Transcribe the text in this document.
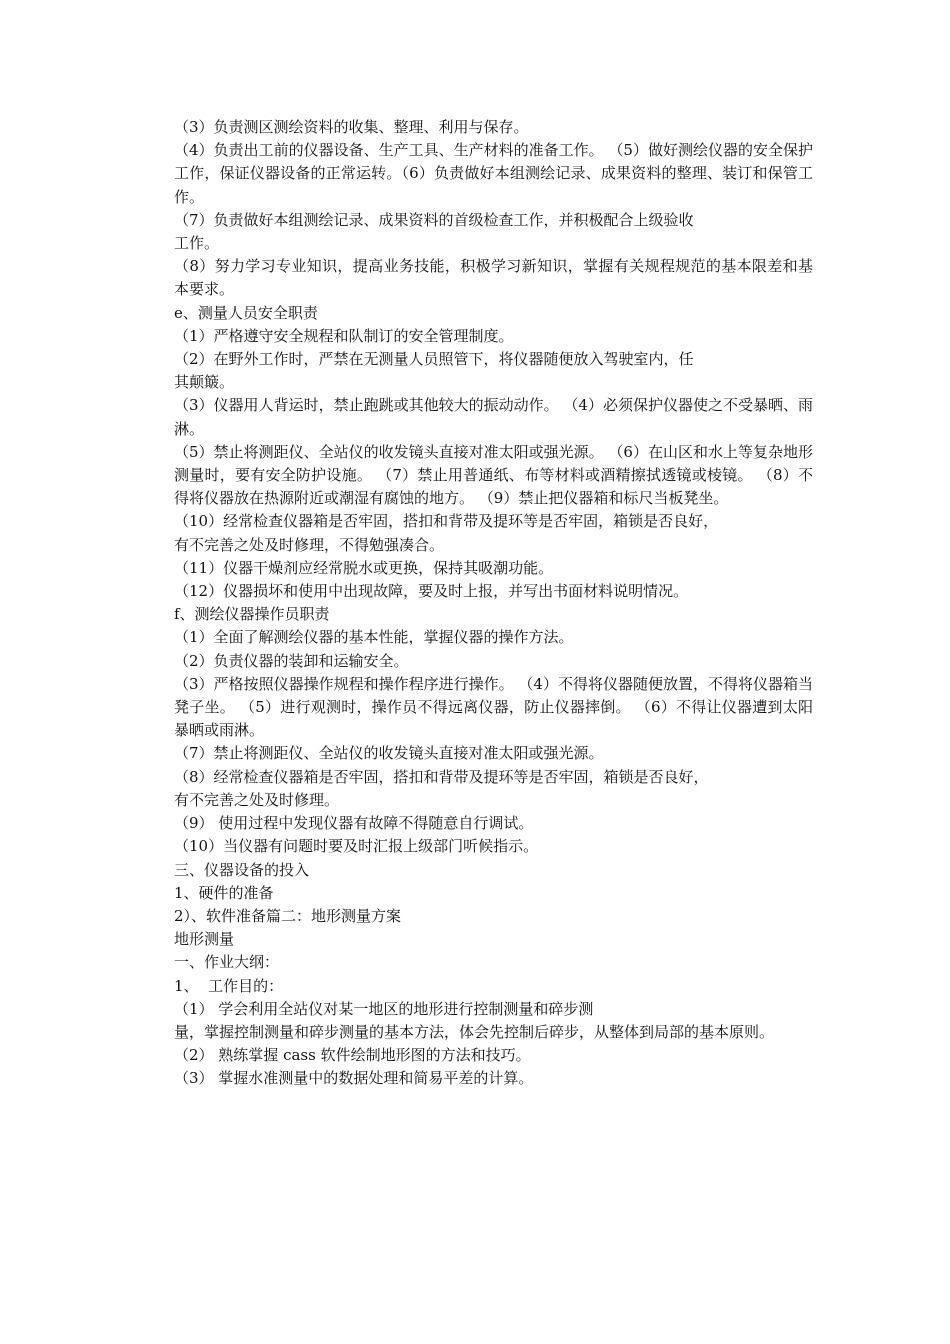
（3）负责测区测绘资料的收集、整理、利用与保存。

（4）负责出工前的仪器设备、生产工具、生产材料的准备工作。 （5）做好测绘仪器的安全保护工作，保证仪器设备的正常运转。（6）负责做好本组测绘记录、成果资料的整理、装订和保管工作。

（7）负责做好本组测绘记录、成果资料的首级检查工作，并积极配合上级验收

工作。

（8）努力学习专业知识，提高业务技能，积极学习新知识，掌握有关规程规范的基本限差和基本要求。

e、测量人员安全职责

（1）严格遵守安全规程和队制订的安全管理制度。

（2）在野外工作时，严禁在无测量人员照管下，将仪器随便放入驾驶室内，任

其颠簸。

（3）仪器用人背运时，禁止跑跳或其他较大的振动动作。 （4）必须保护仪器使之不受暴晒、雨淋。

（5）禁止将测距仪、全站仪的收发镜头直接对准太阳或强光源。 （6）在山区和水上等复杂地形测量时，要有安全防护设施。 （7）禁止用普通纸、布等材料或酒精擦拭透镜或棱镜。 （8）不得将仪器放在热源附近或潮湿有腐蚀的地方。 （9）禁止把仪器箱和标尺当板凳坐。

（10）经常检查仪器箱是否牢固，搭扣和背带及提环等是否牢固，箱锁是否良好，

有不完善之处及时修理，不得勉强凑合。

（11）仪器干燥剂应经常脱水或更换，保持其吸潮功能。

（12）仪器损坏和使用中出现故障，要及时上报，并写出书面材料说明情况。

f、测绘仪器操作员职责

（1）全面了解测绘仪器的基本性能，掌握仪器的操作方法。

（2）负责仪器的装卸和运输安全。

（3）严格按照仪器操作规程和操作程序进行操作。 （4）不得将仪器随便放置，不得将仪器箱当凳子坐。 （5）进行观测时，操作员不得远离仪器，防止仪器摔倒。 （6）不得让仪器遭到太阳暴晒或雨淋。

（7）禁止将测距仪、全站仪的收发镜头直接对准太阳或强光源。

（8）经常检查仪器箱是否牢固，搭扣和背带及提环等是否牢固，箱锁是否良好，

有不完善之处及时修理。

（9） 使用过程中发现仪器有故障不得随意自行调试。

（10）当仪器有问题时要及时汇报上级部门听候指示。

三、仪器设备的投入

1、硬件的准备

2）、软件准备篇二：地形测量方案

地形测量

一、作业大纲：

1、  工作目的：

（1） 学会利用全站仪对某一地区的地形进行控制测量和碎步测

量，掌握控制测量和碎步测量的基本方法，体会先控制后碎步，从整体到局部的基本原则。

（2） 熟练掌握 cass 软件绘制地形图的方法和技巧。

（3） 掌握水准测量中的数据处理和简易平差的计算。
